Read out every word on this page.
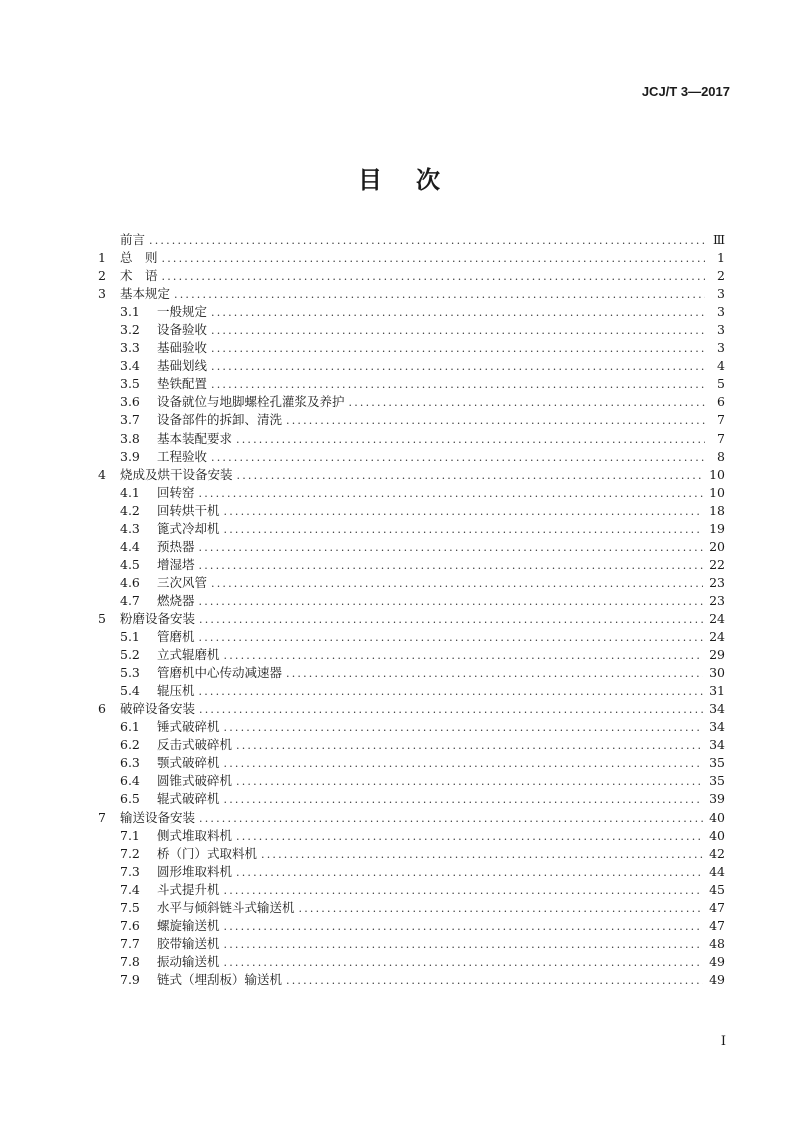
JCJ/T 3—2017
目次
前言 .....	Ⅲ
1	总　则 .....	1
2	术　语 .....	2
3	基本规定 .....	3
3.1	一般规定 .....	3
3.2	设备验收 .....	3
3.3	基础验收 .....	3
3.4	基础划线 .....	4
3.5	垫铁配置 .....	5
3.6	设备就位与地脚螺栓孔灌浆及养护 .....	6
3.7	设备部件的拆卸、清洗 .....	7
3.8	基本装配要求 .....	7
3.9	工程验收 .....	8
4	烧成及烘干设备安装 .....	10
4.1	回转窑 .....	10
4.2	回转烘干机 .....	18
4.3	篦式冷却机 .....	19
4.4	预热器 .....	20
4.5	增湿塔 .....	22
4.6	三次风管 .....	23
4.7	燃烧器 .....	23
5	粉磨设备安装 .....	24
5.1	管磨机 .....	24
5.2	立式辊磨机 .....	29
5.3	管磨机中心传动减速器 .....	30
5.4	辊压机 .....	31
6	破碎设备安装 .....	34
6.1	锤式破碎机 .....	34
6.2	反击式破碎机 .....	34
6.3	颚式破碎机 .....	35
6.4	圆锥式破碎机 .....	35
6.5	辊式破碎机 .....	39
7	输送设备安装 .....	40
7.1	侧式堆取料机 .....	40
7.2	桥（门）式取料机 .....	42
7.3	圆形堆取料机 .....	44
7.4	斗式提升机 .....	45
7.5	水平与倾斜链斗式输送机 .....	47
7.6	螺旋输送机 .....	47
7.7	胶带输送机 .....	48
7.8	振动输送机 .....	49
7.9	链式（埋刮板）输送机 .....	49
I
